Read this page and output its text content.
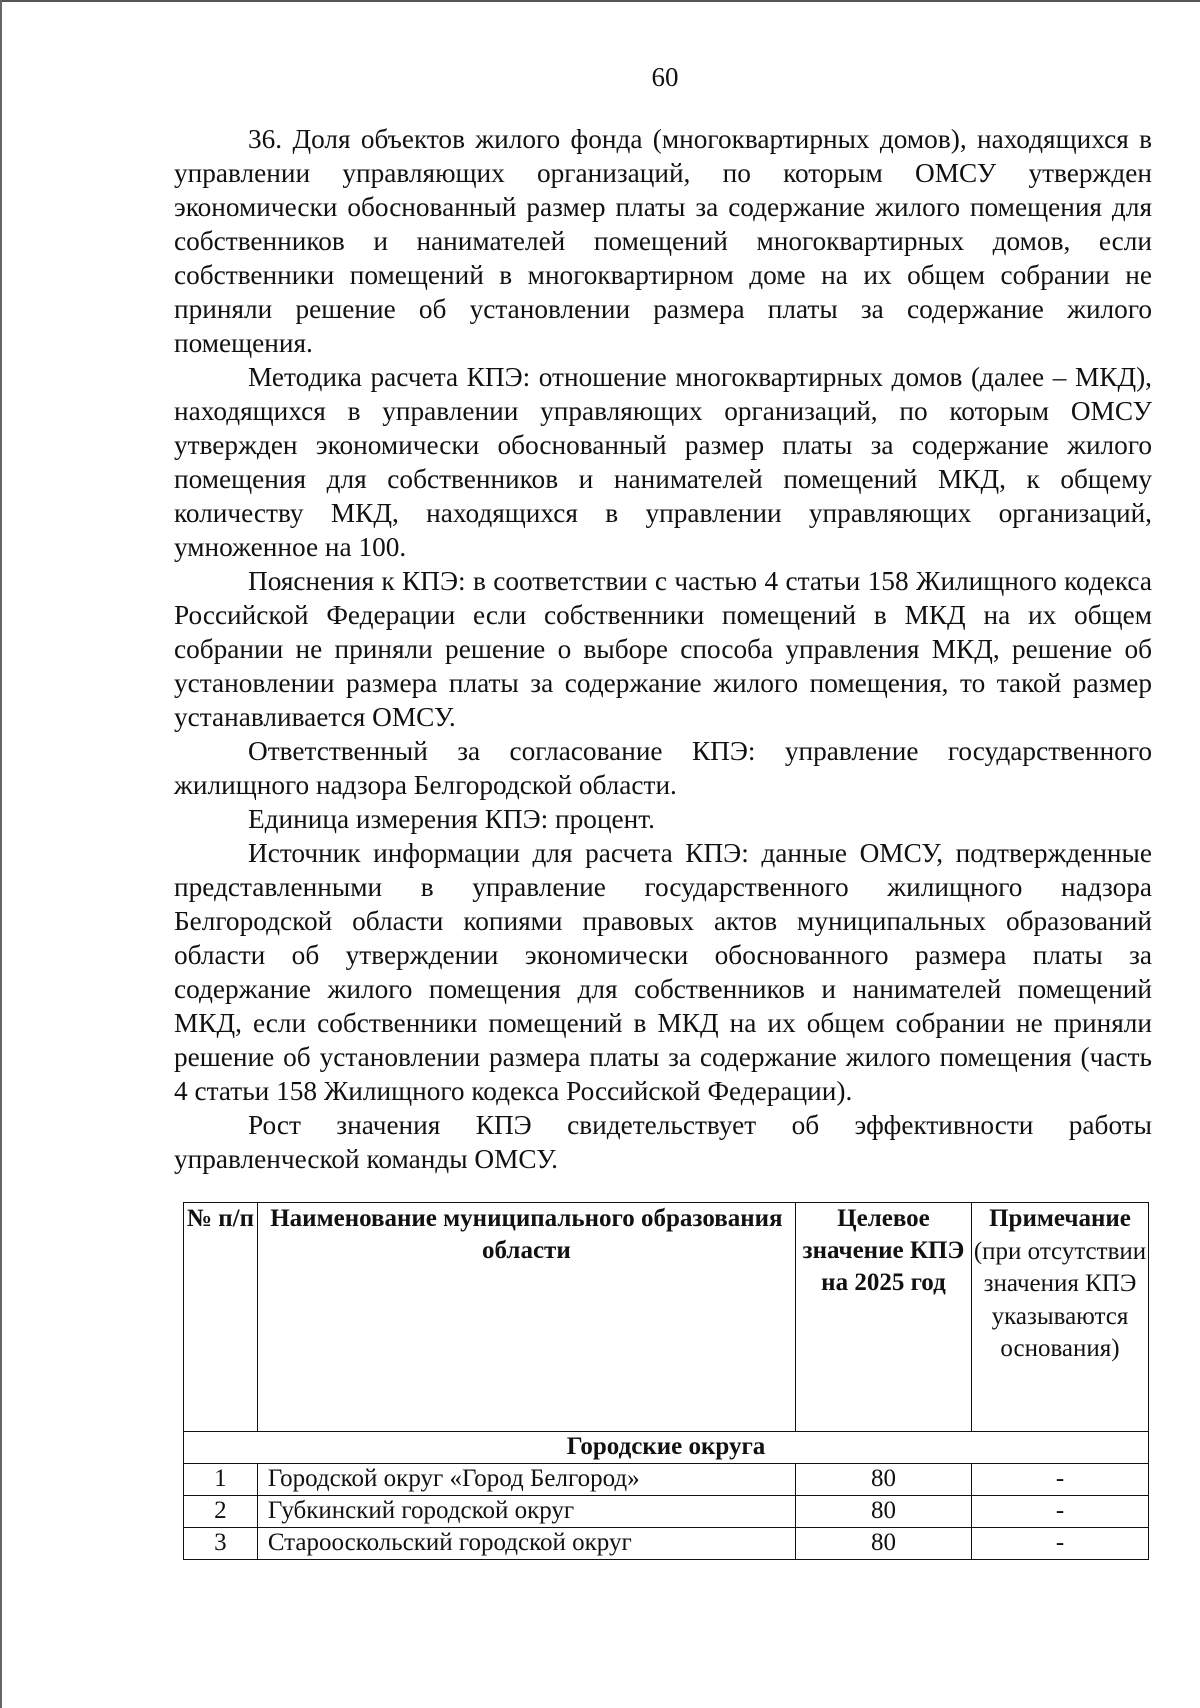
60

36. Доля объектов жилого фонда (многоквартирных домов), находящихся в управлении управляющих организаций, по которым ОМСУ утвержден экономически обоснованный размер платы за содержание жилого помещения для собственников и нанимателей помещений многоквартирных домов, если собственники помещений в многоквартирном доме на их общем собрании не приняли решение об установлении размера платы за содержание жилого помещения.

Методика расчета КПЭ: отношение многоквартирных домов (далее – МКД), находящихся в управлении управляющих организаций, по которым ОМСУ утвержден экономически обоснованный размер платы за содержание жилого помещения для собственников и нанимателей помещений МКД, к общему количеству МКД, находящихся в управлении управляющих организаций, умноженное на 100.

Пояснения к КПЭ: в соответствии с частью 4 статьи 158 Жилищного кодекса Российской Федерации если собственники помещений в МКД на их общем собрании не приняли решение о выборе способа управления МКД, решение об установлении размера платы за содержание жилого помещения, то такой размер устанавливается ОМСУ.

Ответственный за согласование КПЭ: управление государственного жилищного надзора Белгородской области.

Единица измерения КПЭ: процент.

Источник информации для расчета КПЭ: данные ОМСУ, подтвержденные представленными в управление государственного жилищного надзора Белгородской области копиями правовых актов муниципальных образований области об утверждении экономически обоснованного размера платы за содержание жилого помещения для собственников и нанимателей помещений МКД, если собственники помещений в МКД на их общем собрании не приняли решение об установлении размера платы за содержание жилого помещения (часть 4 статьи 158 Жилищного кодекса Российской Федерации).

Рост значения КПЭ свидетельствует об эффективности работы управленческой команды ОМСУ.

№ п/п	Наименование муниципального образования области	Целевое значение КПЭ на 2025 год	Примечание
(при отсутствии значения КПЭ указываются основания)

Городские округа			
1	Городской округ «Город Белгород»	80	-
2	Губкинский городской округ	80	-
3	Старооскольский городской округ	80	-
